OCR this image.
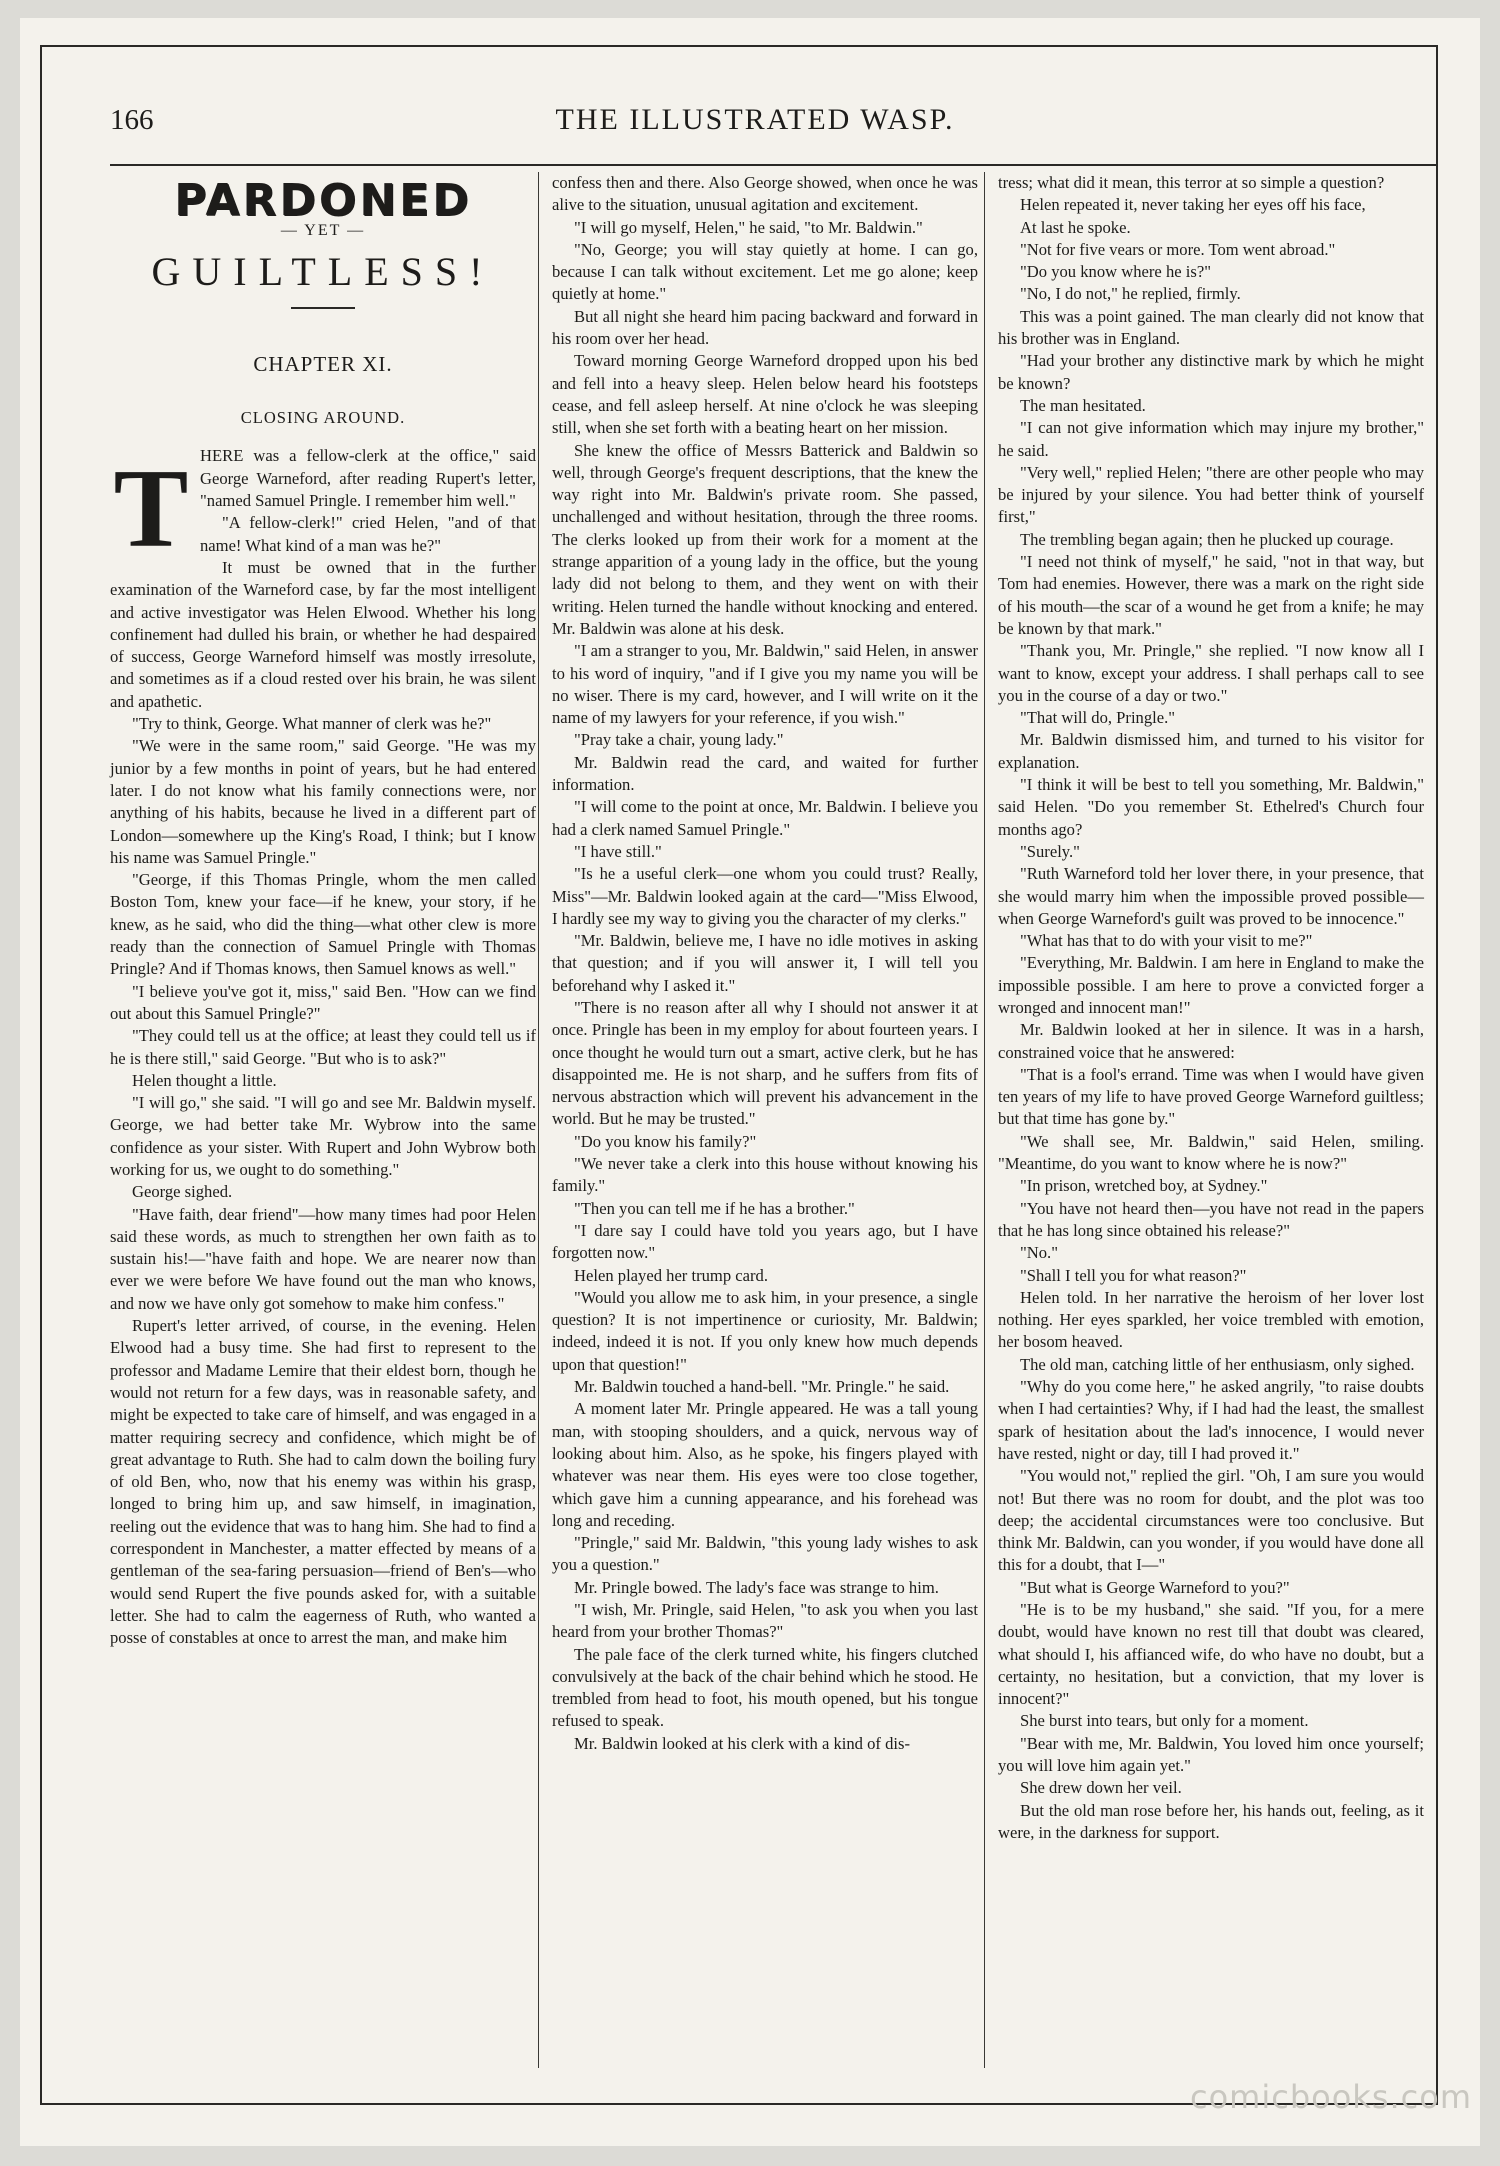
166	THE ILLUSTRATED WASP.
PARDONED
— YET —
GUILTLESS!
CHAPTER XI.
CLOSING AROUND.

T HERE was a fellow-clerk at the office," said George Warneford, after reading Rupert's letter, "named Samuel Pringle. I remember him well."

"A fellow-clerk!" cried Helen, "and of that name! What kind of a man was he?"

It must be owned that in the further examination of the Warneford case, by far the most intelligent and active investigator was Helen Elwood. Whether his long confinement had dulled his brain, or whether he had despaired of success, George Warneford himself was mostly irresolute, and sometimes as if a cloud rested over his brain, he was silent and apathetic.

"Try to think, George. What manner of clerk was he?"

"We were in the same room," said George. "He was my junior by a few months in point of years, but he had entered later. I do not know what his family connections were, nor anything of his habits, because he lived in a different part of London—somewhere up the King's Road, I think; but I know his name was Samuel Pringle."

"George, if this Thomas Pringle, whom the men called Boston Tom, knew your face—if he knew, your story, if he knew, as he said, who did the thing—what other clew is more ready than the connection of Samuel Pringle with Thomas Pringle? And if Thomas knows, then Samuel knows as well."

"I believe you've got it, miss," said Ben. "How can we find out about this Samuel Pringle?"

"They could tell us at the office; at least they could tell us if he is there still," said George. "But who is to ask?"

Helen thought a little.

"I will go," she said. "I will go and see Mr. Baldwin myself. George, we had better take Mr. Wybrow into the same confidence as your sister. With Rupert and John Wybrow both working for us, we ought to do something."

George sighed.

"Have faith, dear friend"—how many times had poor Helen said these words, as much to strengthen her own faith as to sustain his!—"have faith and hope. We are nearer now than ever we were before We have found out the man who knows, and now we have only got somehow to make him confess."

Rupert's letter arrived, of course, in the evening. Helen Elwood had a busy time. She had first to represent to the professor and Madame Lemire that their eldest born, though he would not return for a few days, was in reasonable safety, and might be expected to take care of himself, and was engaged in a matter requiring secrecy and confidence, which might be of great advantage to Ruth. She had to calm down the boiling fury of old Ben, who, now that his enemy was within his grasp, longed to bring him up, and saw himself, in imagination, reeling out the evidence that was to hang him. She had to find a correspondent in Manchester, a matter effected by means of a gentleman of the sea-faring persuasion—friend of Ben's—who would send Rupert the five pounds asked for, with a suitable letter. She had to calm the eagerness of Ruth, who wanted a posse of constables at once to arrest the man, and make him

confess then and there. Also George showed, when once he was alive to the situation, unusual agitation and excitement.

"I will go myself, Helen," he said, "to Mr. Baldwin."

"No, George; you will stay quietly at home. I can go, because I can talk without excitement. Let me go alone; keep quietly at home."

But all night she heard him pacing backward and forward in his room over her head.

Toward morning George Warneford dropped upon his bed and fell into a heavy sleep. Helen below heard his footsteps cease, and fell asleep herself. At nine o'clock he was sleeping still, when she set forth with a beating heart on her mission.

She knew the office of Messrs Batterick and Baldwin so well, through George's frequent descriptions, that the knew the way right into Mr. Baldwin's private room. She passed, unchallenged and without hesitation, through the three rooms. The clerks looked up from their work for a moment at the strange apparition of a young lady in the office, but the young lady did not belong to them, and they went on with their writing. Helen turned the handle without knocking and entered. Mr. Baldwin was alone at his desk.

"I am a stranger to you, Mr. Baldwin," said Helen, in answer to his word of inquiry, "and if I give you my name you will be no wiser. There is my card, however, and I will write on it the name of my lawyers for your reference, if you wish."

"Pray take a chair, young lady."

Mr. Baldwin read the card, and waited for further information.

"I will come to the point at once, Mr. Baldwin. I believe you had a clerk named Samuel Pringle."

"I have still."

"Is he a useful clerk—one whom you could trust? Really, Miss"—Mr. Baldwin looked again at the card—"Miss Elwood, I hardly see my way to giving you the character of my clerks."

"Mr. Baldwin, believe me, I have no idle motives in asking that question; and if you will answer it, I will tell you beforehand why I asked it."

"There is no reason after all why I should not answer it at once. Pringle has been in my employ for about fourteen years. I once thought he would turn out a smart, active clerk, but he has disappointed me. He is not sharp, and he suffers from fits of nervous abstraction which will prevent his advancement in the world. But he may be trusted."

"Do you know his family?"

"We never take a clerk into this house without knowing his family."

"Then you can tell me if he has a brother."

"I dare say I could have told you years ago, but I have forgotten now."

Helen played her trump card.

"Would you allow me to ask him, in your presence, a single question? It is not impertinence or curiosity, Mr. Baldwin; indeed, indeed it is not. If you only knew how much depends upon that question!"

Mr. Baldwin touched a hand-bell. "Mr. Pringle." he said.

A moment later Mr. Pringle appeared. He was a tall young man, with stooping shoulders, and a quick, nervous way of looking about him. Also, as he spoke, his fingers played with whatever was near them. His eyes were too close together, which gave him a cunning appearance, and his forehead was long and receding.

"Pringle," said Mr. Baldwin, "this young lady wishes to ask you a question."

Mr. Pringle bowed. The lady's face was strange to him.

"I wish, Mr. Pringle, said Helen, "to ask you when you last heard from your brother Thomas?"

The pale face of the clerk turned white, his fingers clutched convulsively at the back of the chair behind which he stood. He trembled from head to foot, his mouth opened, but his tongue refused to speak.

Mr. Baldwin looked at his clerk with a kind of dis-

tress; what did it mean, this terror at so simple a question?

Helen repeated it, never taking her eyes off his face,

At last he spoke.

"Not for five vears or more. Tom went abroad."

"Do you know where he is?"

"No, I do not," he replied, firmly.

This was a point gained. The man clearly did not know that his brother was in England.

"Had your brother any distinctive mark by which he might be known?

The man hesitated.

"I can not give information which may injure my brother," he said.

"Very well," replied Helen; "there are other people who may be injured by your silence. You had better think of yourself first,"

The trembling began again; then he plucked up courage.

"I need not think of myself," he said, "not in that way, but Tom had enemies. However, there was a mark on the right side of his mouth—the scar of a wound he get from a knife; he may be known by that mark."

"Thank you, Mr. Pringle," she replied. "I now know all I want to know, except your address. I shall perhaps call to see you in the course of a day or two."

"That will do, Pringle."

Mr. Baldwin dismissed him, and turned to his visitor for explanation.

"I think it will be best to tell you something, Mr. Baldwin," said Helen. "Do you remember St. Ethelred's Church four months ago?

"Surely."

"Ruth Warneford told her lover there, in your presence, that she would marry him when the impossible proved possible—when George Warneford's guilt was proved to be innocence."

"What has that to do with your visit to me?"

"Everything, Mr. Baldwin. I am here in England to make the impossible possible. I am here to prove a convicted forger a wronged and innocent man!"

Mr. Baldwin looked at her in silence. It was in a harsh, constrained voice that he answered:

"That is a fool's errand. Time was when I would have given ten years of my life to have proved George Warneford guiltless; but that time has gone by."

"We shall see, Mr. Baldwin," said Helen, smiling. "Meantime, do you want to know where he is now?"

"In prison, wretched boy, at Sydney."

"You have not heard then—you have not read in the papers that he has long since obtained his release?"

"No."

"Shall I tell you for what reason?"

Helen told. In her narrative the heroism of her lover lost nothing. Her eyes sparkled, her voice trembled with emotion, her bosom heaved.

The old man, catching little of her enthusiasm, only sighed.

"Why do you come here," he asked angrily, "to raise doubts when I had certainties? Why, if I had had the least, the smallest spark of hesitation about the lad's innocence, I would never have rested, night or day, till I had proved it."

"You would not," replied the girl. "Oh, I am sure you would not! But there was no room for doubt, and the plot was too deep; the accidental circumstances were too conclusive. But think Mr. Baldwin, can you wonder, if you would have done all this for a doubt, that I—"

"But what is George Warneford to you?"

"He is to be my husband," she said. "If you, for a mere doubt, would have known no rest till that doubt was cleared, what should I, his affianced wife, do who have no doubt, but a certainty, no hesitation, but a conviction, that my lover is innocent?"

She burst into tears, but only for a moment.

"Bear with me, Mr. Baldwin, You loved him once yourself; you will love him again yet."

She drew down her veil.

But the old man rose before her, his hands out, feeling, as it were, in the darkness for support.

comicbooks.com
